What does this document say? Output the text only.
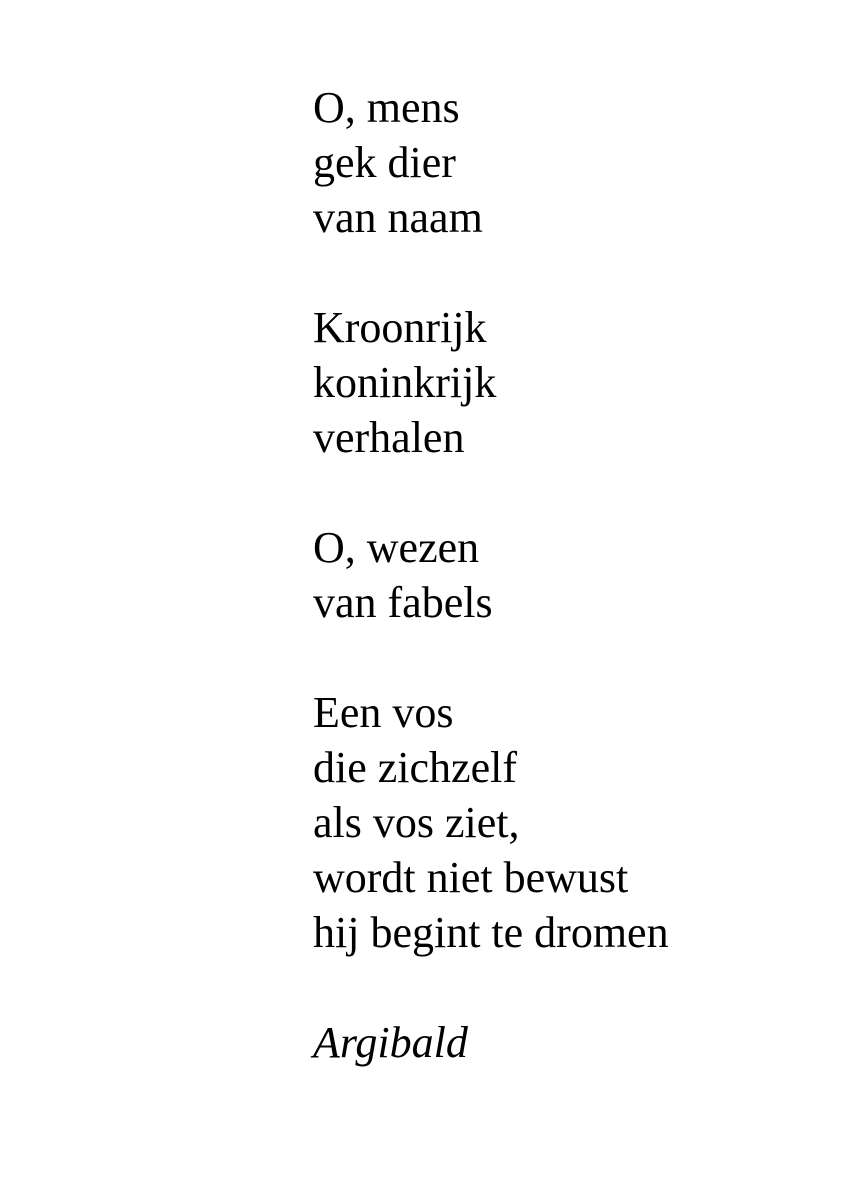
O, mens
gek dier
van naam
Kroonrijk
koninkrijk
verhalen
O, wezen
van fabels
Een vos
die zichzelf
als vos ziet,
wordt niet bewust
hij begint te dromen
Argibald
